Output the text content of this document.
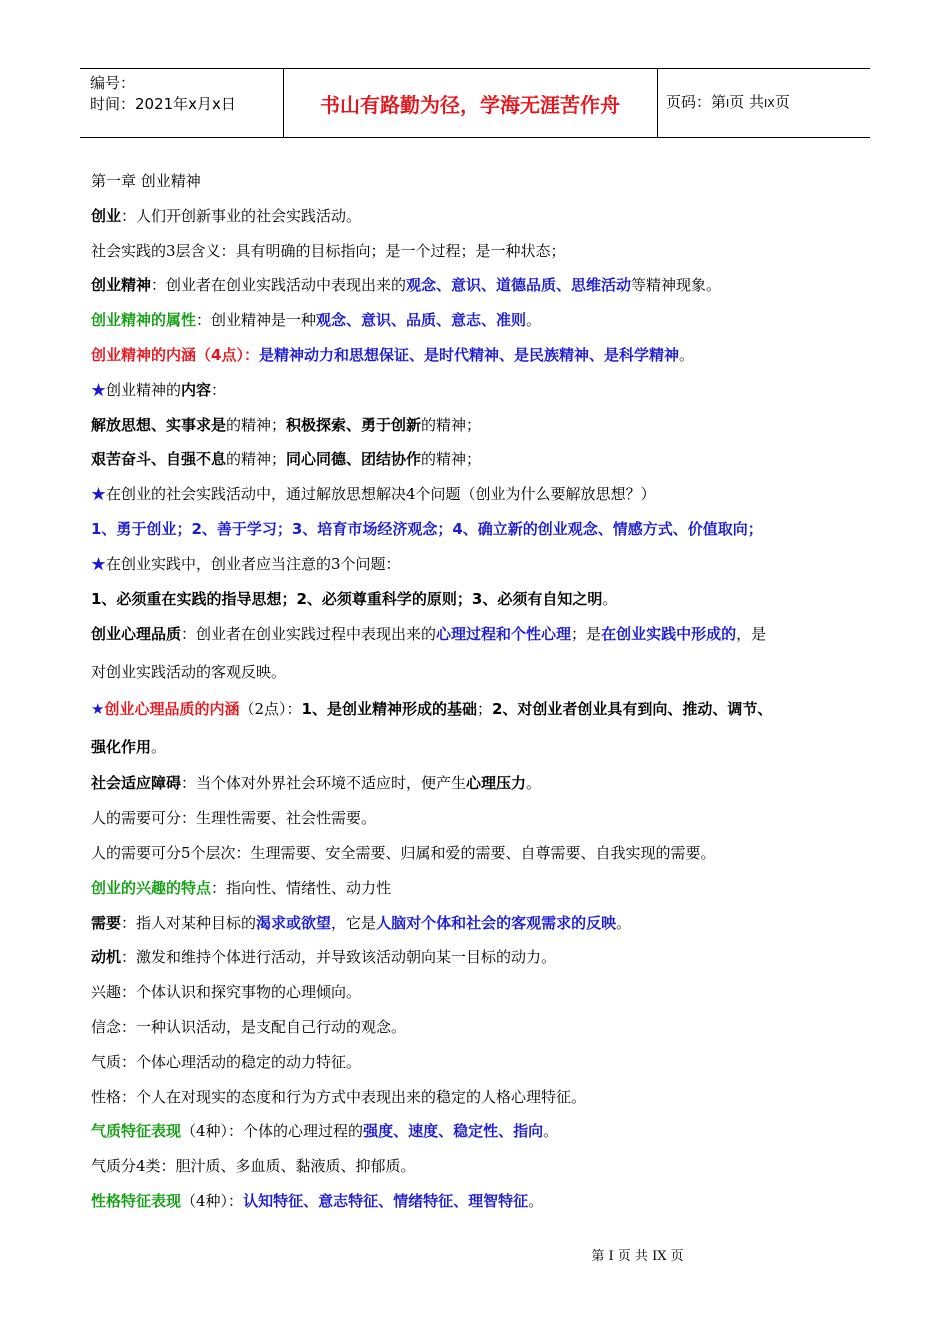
编号：
时间：2021年x月x日	书山有路勤为径，学海无涯苦作舟	页码：第I页 共IX页
第一章 创业精神
创业：人们开创新事业的社会实践活动。
社会实践的3层含义：具有明确的目标指向；是一个过程；是一种状态；
创业精神：创业者在创业实践活动中表现出来的观念、意识、道德品质、思维活动等精神现象。
创业精神的属性：创业精神是一种观念、意识、品质、意志、准则。
创业精神的内涵（4点）：是精神动力和思想保证、是时代精神、是民族精神、是科学精神。
★创业精神的内容：
解放思想、实事求是的精神；积极探索、勇于创新的精神；
艰苦奋斗、自强不息的精神；同心同德、团结协作的精神；
★在创业的社会实践活动中，通过解放思想解决4个问题（创业为什么要解放思想？）
1、勇于创业；2、善于学习；3、培育市场经济观念；4、确立新的创业观念、情感方式、价值取向；
★在创业实践中，创业者应当注意的3个问题：
1、必须重在实践的指导思想；2、必须尊重科学的原则；3、必须有自知之明。
创业心理品质：创业者在创业实践过程中表现出来的心理过程和个性心理；是在创业实践中形成的，是
对创业实践活动的客观反映。
★创业心理品质的内涵（2点）：1、是创业精神形成的基础；2、对创业者创业具有到向、推动、调节、
强化作用。
社会适应障碍：当个体对外界社会环境不适应时，便产生心理压力。
人的需要可分：生理性需要、社会性需要。
人的需要可分5个层次：生理需要、安全需要、归属和爱的需要、自尊需要、自我实现的需要。
创业的兴趣的特点：指向性、情绪性、动力性
需要：指人对某种目标的渴求或欲望，它是人脑对个体和社会的客观需求的反映。
动机：激发和维持个体进行活动，并导致该活动朝向某一目标的动力。
兴趣：个体认识和探究事物的心理倾向。
信念：一种认识活动，是支配自己行动的观念。
气质：个体心理活动的稳定的动力特征。
性格：个人在对现实的态度和行为方式中表现出来的稳定的人格心理特征。
气质特征表现（4种）：个体的心理过程的强度、速度、稳定性、指向。
气质分4类：胆汁质、多血质、黏液质、抑郁质。
性格特征表现（4种）：认知特征、意志特征、情绪特征、理智特征。
第 I 页 共 IX 页
